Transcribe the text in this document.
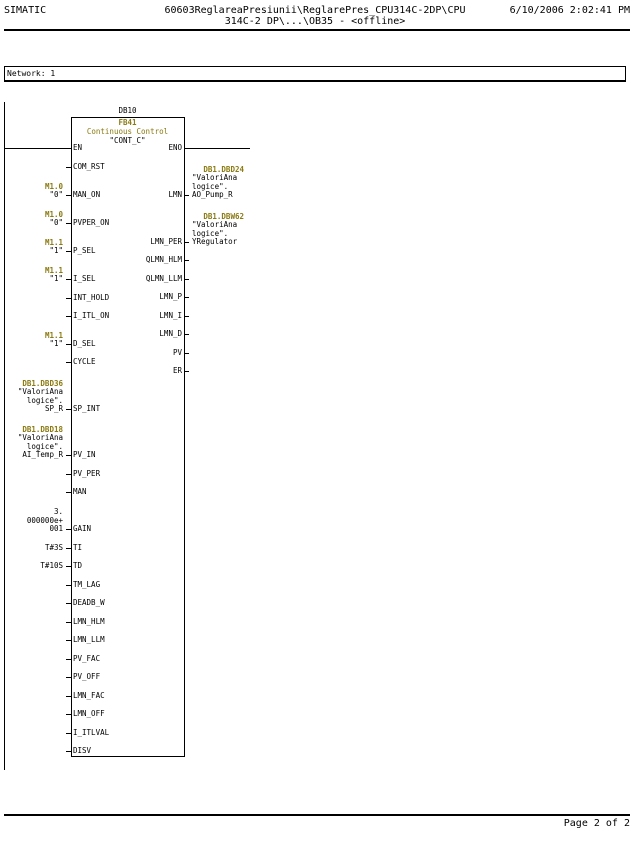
SIMATIC	60603ReglareaPresiunii\ReglarePres_CPU314C-2DP\CPU
314C-2 DP\...\OB35 - <offline>
6/10/2006 2:02:41 PM

Network: 1

DB10
FB41
Continuous Control
"CONT_C"
EN
COM_RST
MAN_ON
M1.0
"0"
PVPER_ON
M1.0
"0"
P_SEL
M1.1
"1"
I_SEL
M1.1
"1"
INT_HOLD
I_ITL_ON
D_SEL
M1.1
"1"
CYCLE
SP_INT
DB1.DBD36
"ValoriAna
logice".
SP_R
PV_IN
DB1.DBD18
"ValoriAna
logice".
AI_Temp_R
PV_PER
MAN
GAIN
3.
000000e+
001
TI
T#3S
TD
T#10S
TM_LAG
DEADB_W
LMN_HLM
LMN_LLM
PV_FAC
PV_OFF
LMN_FAC
LMN_OFF
I_ITLVAL
DISV
ENO
LMN
DB1.DBD24
"ValoriAna
logice".
AO_Pump_R
LMN_PER
DB1.DBW62
"ValoriAna
logice".
YRegulator
QLMN_HLM
QLMN_LLM
LMN_P
LMN_I
LMN_D
PV
ER
Page 2 of 2
